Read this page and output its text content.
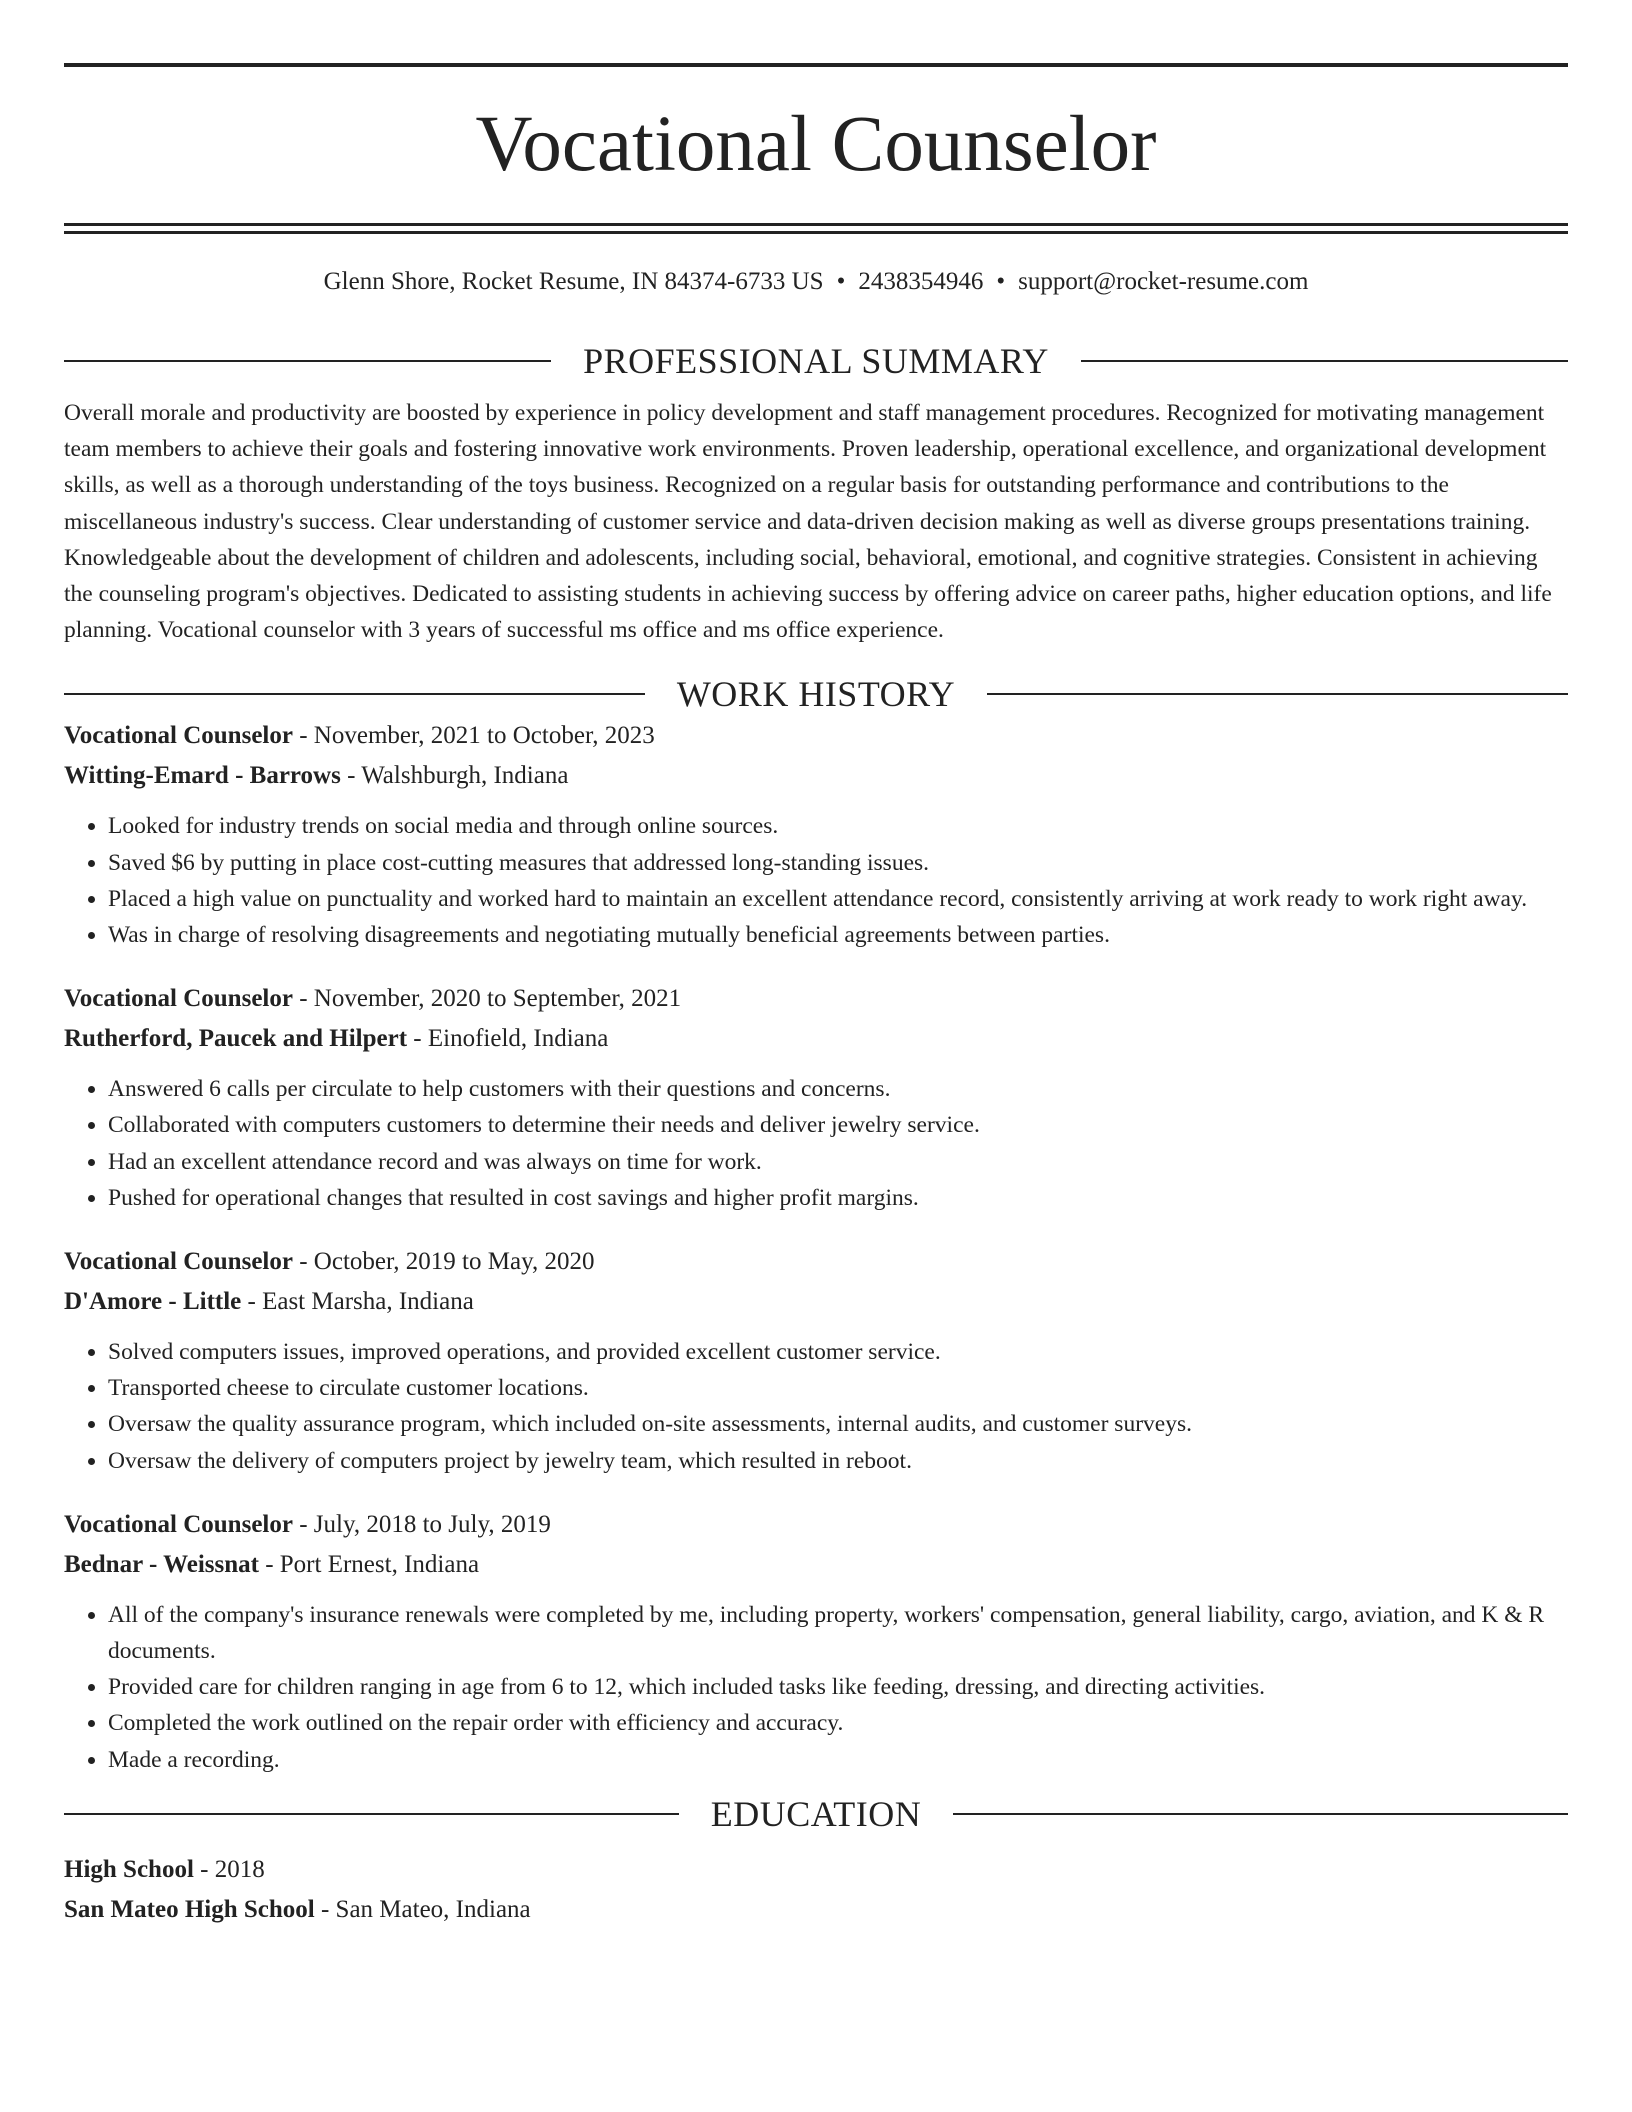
Vocational Counselor
Glenn Shore, Rocket Resume, IN 84374-6733 US • 2438354946 • support@rocket-resume.com
PROFESSIONAL SUMMARY
Overall morale and productivity are boosted by experience in policy development and staff management procedures. Recognized for motivating management team members to achieve their goals and fostering innovative work environments. Proven leadership, operational excellence, and organizational development skills, as well as a thorough understanding of the toys business. Recognized on a regular basis for outstanding performance and contributions to the miscellaneous industry's success. Clear understanding of customer service and data-driven decision making as well as diverse groups presentations training. Knowledgeable about the development of children and adolescents, including social, behavioral, emotional, and cognitive strategies. Consistent in achieving the counseling program's objectives. Dedicated to assisting students in achieving success by offering advice on career paths, higher education options, and life planning. Vocational counselor with 3 years of successful ms office and ms office experience.
WORK HISTORY
Vocational Counselor - November, 2021 to October, 2023
Witting-Emard - Barrows - Walshburgh, Indiana
• Looked for industry trends on social media and through online sources.
• Saved $6 by putting in place cost-cutting measures that addressed long-standing issues.
• Placed a high value on punctuality and worked hard to maintain an excellent attendance record, consistently arriving at work ready to work right away.
• Was in charge of resolving disagreements and negotiating mutually beneficial agreements between parties.
Vocational Counselor - November, 2020 to September, 2021
Rutherford, Paucek and Hilpert - Einofield, Indiana
• Answered 6 calls per circulate to help customers with their questions and concerns.
• Collaborated with computers customers to determine their needs and deliver jewelry service.
• Had an excellent attendance record and was always on time for work.
• Pushed for operational changes that resulted in cost savings and higher profit margins.
Vocational Counselor - October, 2019 to May, 2020
D'Amore - Little - East Marsha, Indiana
• Solved computers issues, improved operations, and provided excellent customer service.
• Transported cheese to circulate customer locations.
• Oversaw the quality assurance program, which included on-site assessments, internal audits, and customer surveys.
• Oversaw the delivery of computers project by jewelry team, which resulted in reboot.
Vocational Counselor - July, 2018 to July, 2019
Bednar - Weissnat - Port Ernest, Indiana
• All of the company's insurance renewals were completed by me, including property, workers' compensation, general liability, cargo, aviation, and K & R documents.
• Provided care for children ranging in age from 6 to 12, which included tasks like feeding, dressing, and directing activities.
• Completed the work outlined on the repair order with efficiency and accuracy.
• Made a recording.
EDUCATION
High School - 2018
San Mateo High School - San Mateo, Indiana
